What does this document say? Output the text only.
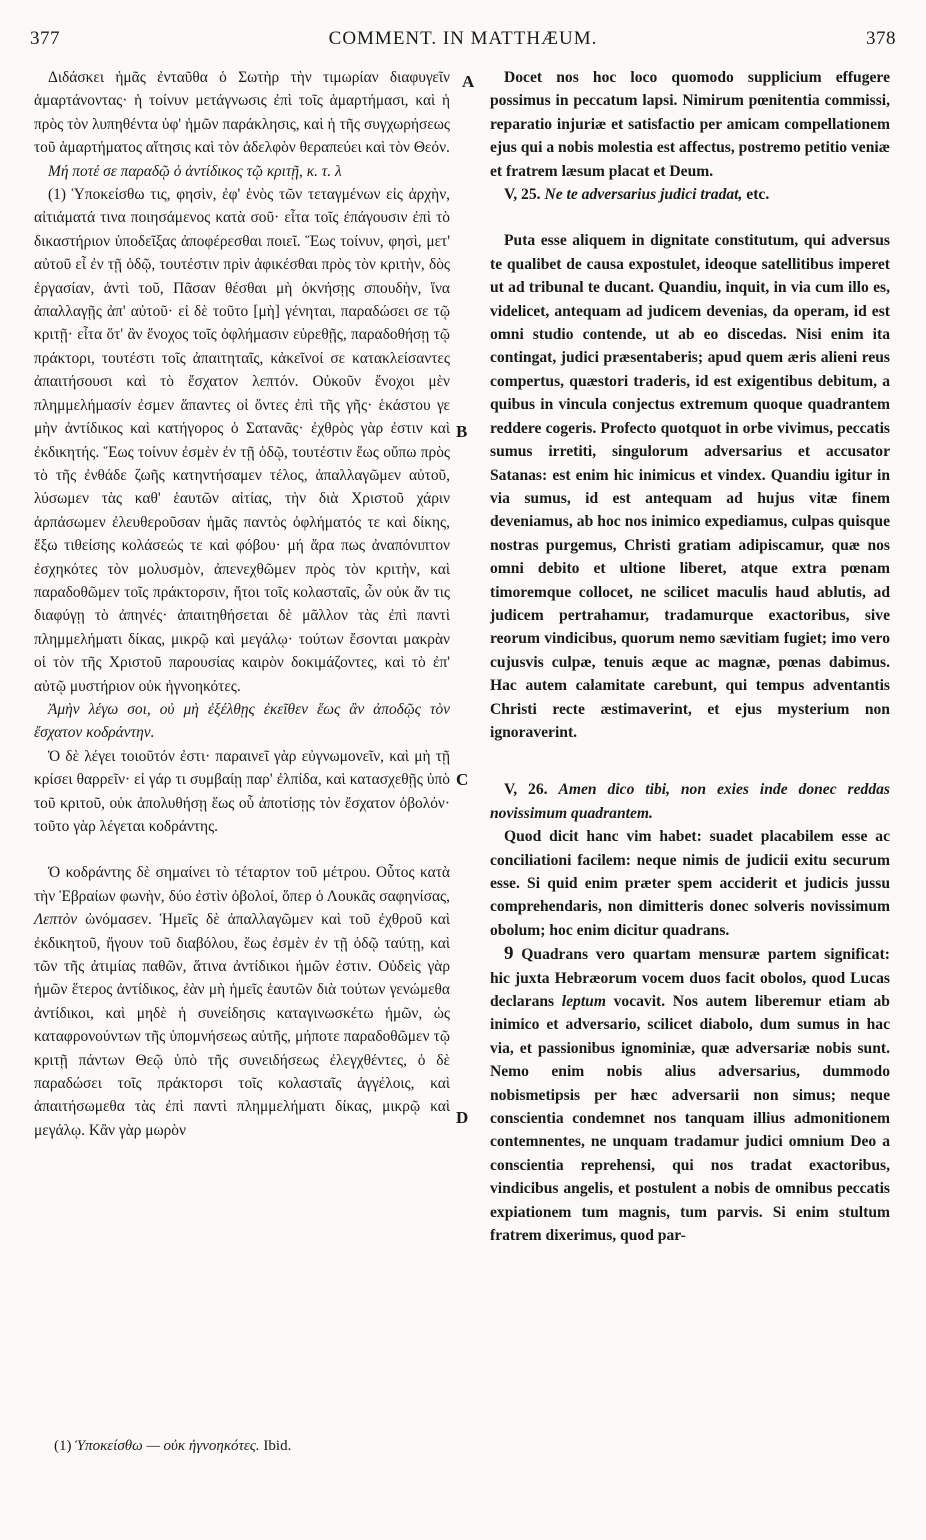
377	COMMENT. IN MATTHÆUM.	378

Διδάσκει ἡμᾶς ἐνταῦθα ὁ Σωτὴρ τὴν τιμωρίαν διαφυγεῖν ἁμαρτάνοντας· ἡ τοίνυν μετάγνωσις ἐπὶ τοῖς ἁμαρτήμασι, καὶ ἡ πρὸς τὸν λυπηθέντα ὑφ' ἡμῶν παράκλησις, καὶ ἡ τῆς συγχωρήσεως τοῦ ἁμαρτήματος αἴτησις καὶ τὸν ἀδελφὸν θεραπεύει καὶ τὸν Θεόν.

Μή ποτέ σε παραδῷ ὁ ἀντίδικος τῷ κριτῇ, κ. τ. λ

(1) Ὑποκείσθω τις, φησὶν, ἐφ' ἑνὸς τῶν τεταγμένων εἰς ἀρχὴν, αἰτιάματά τινα ποιησάμενος κατὰ σοῦ· εἶτα τοῖς ἐπάγουσιν ἐπὶ τὸ δικαστήριον ὑποδεῖξας ἀποφέρεσθαι ποιεῖ. Ἕως τοίνυν, φησὶ, μετ' αὐτοῦ εἶ ἐν τῇ ὁδῷ, τουτέστιν πρὶν ἀφικέσθαι πρὸς τὸν κριτὴν, δὸς ἐργασίαν, ἀντὶ τοῦ, Πᾶσαν θέσθαι μὴ ὀκνήσῃς σπουδὴν, ἵνα ἀπαλλαγῇς ἀπ' αὐτοῦ· εἰ δὲ τοῦτο [μὴ] γένηται, παραδώσει σε τῷ κριτῇ· εἶτα ὅτ' ἂν ἔνοχος τοῖς ὀφλήμασιν εὑρεθῇς, παραδοθήσῃ τῷ πράκτορι, τουτέστι τοῖς ἀπαιτηταῖς, κἀκεῖνοί σε κατακλείσαντες ἀπαιτήσουσι καὶ τὸ ἔσχατον λεπτόν. Οὐκοῦν ἔνοχοι μὲν πλημμελήμασίν ἐσμεν ἅπαντες οἱ ὄντες ἐπὶ τῆς γῆς· ἑκάστου γε μὴν ἀντίδικος καὶ κατήγορος ὁ Σατανᾶς· ἐχθρὸς γὰρ ἐστιν καὶ ἐκδικητής. Ἕως τοίνυν ἐσμὲν ἐν τῇ ὁδῷ, τουτέστιν ἕως οὔπω πρὸς τὸ τῆς ἐνθάδε ζωῆς κατηντήσαμεν τέλος, ἀπαλλαγῶμεν αὐτοῦ, λύσωμεν τὰς καθ' ἑαυτῶν αἰτίας, τὴν διὰ Χριστοῦ χάριν ἁρπάσωμεν ἐλευθεροῦσαν ἡμᾶς παντὸς ὀφλήματός τε καὶ δίκης, ἔξω τιθείσης κολάσεώς τε καὶ φόβου· μή ἄρα πως ἀναπόνιπτον ἐσχηκότες τὸν μολυσμὸν, ἀπενεχθῶμεν πρὸς τὸν κριτὴν, καὶ παραδοθῶμεν τοῖς πράκτορσιν, ἤτοι τοῖς κολασταῖς, ὧν οὐκ ἄν τις διαφύγῃ τὸ ἀπηνές· ἀπαιτηθήσεται δὲ μᾶλλον τὰς ἐπὶ παντὶ πλημμελήματι δίκας, μικρῷ καὶ μεγάλῳ· τούτων ἔσονται μακρὰν οἱ τὸν τῆς Χριστοῦ παρουσίας καιρὸν δοκιμάζοντες, καὶ τὸ ἐπ' αὐτῷ μυστήριον οὐκ ἠγνοηκότες.

Ἀμὴν λέγω σοι, οὐ μὴ ἐξέλθῃς ἐκεῖθεν ἕως ἂν ἀποδῷς τὸν ἔσχατον κοδράντην.

Ὁ δὲ λέγει τοιοῦτόν ἐστι· παραινεῖ γὰρ εὐγνωμονεῖν, καὶ μὴ τῇ κρίσει θαρρεῖν· εἰ γάρ τι συμβαίῃ παρ' ἐλπίδα, καὶ κατασχεθῇς ὑπὸ τοῦ κριτοῦ, οὐκ ἀπολυθήσῃ ἕως οὗ ἀποτίσῃς τὸν ἔσχατον ὀβολόν· τοῦτο γὰρ λέγεται κοδράντης.

Ὁ κοδράντης δὲ σημαίνει τὸ τέταρτον τοῦ μέτρου. Οὗτος κατὰ τὴν Ἑβραίων φωνὴν, δύο ἐστὶν ὀβολοί, ὅπερ ὁ Λουκᾶς σαφηνίσας, Λεπτὸν ὠνόμασεν. Ἡμεῖς δὲ ἀπαλλαγῶμεν καὶ τοῦ ἐχθροῦ καὶ ἐκδικητοῦ, ἤγουν τοῦ διαβόλου, ἕως ἐσμὲν ἐν τῇ ὁδῷ ταύτῃ, καὶ τῶν τῆς ἀτιμίας παθῶν, ἅτινα ἀντίδικοι ἡμῶν ἐστιν. Οὐδεὶς γὰρ ἡμῶν ἕτερος ἀντίδικος, ἐὰν μὴ ἡμεῖς ἑαυτῶν διὰ τούτων γενώμεθα ἀντίδικοι, καὶ μηδὲ ἡ συνείδησις καταγινωσκέτω ἡμῶν, ὡς καταφρονούντων τῆς ὑπομνήσεως αὐτῆς, μήποτε παραδοθῶμεν τῷ κριτῇ πάντων Θεῷ ὑπὸ τῆς συνειδήσεως ἐλεγχθέντες, ὁ δὲ παραδώσει τοῖς πράκτορσι τοῖς κολασταῖς ἀγγέλοις, καὶ ἀπαιτήσωμεθα τὰς ἐπὶ παντὶ πλημμελήματι δίκας, μικρῷ καὶ μεγάλῳ. Κἂν γὰρ μωρὸν

Docet nos hoc loco quomodo supplicium effugere possimus in peccatum lapsi. Nimirum pœnitentia commissi, reparatio injuriæ et satisfactio per amicam compellationem ejus qui a nobis molestia est affectus, postremo petitio veniæ et fratrem læsum placat et Deum.

V, 25. Ne te adversarius judici tradat, etc.

Puta esse aliquem in dignitate constitutum, qui adversus te qualibet de causa expostulet, ideoque satellitibus imperet ut ad tribunal te ducant. Quandiu, inquit, in via cum illo es, videlicet, antequam ad judicem devenias, da operam, id est omni studio contende, ut ab eo discedas. Nisi enim ita contingat, judici præsentaberis; apud quem æris alieni reus compertus, quæstori traderis, id est exigentibus debitum, a quibus in vincula conjectus extremum quoque quadrantem reddere cogeris. Profecto quotquot in orbe vivimus, peccatis sumus irretiti, singulorum adversarius et accusator Satanas: est enim hic inimicus et vindex. Quandiu igitur in via sumus, id est antequam ad hujus vitæ finem deveniamus, ab hoc nos inimico expediamus, culpas quisque nostras purgemus, Christi gratiam adipiscamur, quæ nos omni debito et ultione liberet, atque extra pœnam timoremque collocet, ne scilicet maculis haud ablutis, ad judicem pertrahamur, tradamurque exactoribus, sive reorum vindicibus, quorum nemo sævitiam fugiet; imo vero cujusvis culpæ, tenuis æque ac magnæ, pœnas dabimus. Hac autem calamitate carebunt, qui tempus adventantis Christi recte æstimaverint, et ejus mysterium non ignoraverint.

V, 26. Amen dico tibi, non exies inde donec reddas novissimum quadrantem.

Quod dicit hanc vim habet: suadet placabilem esse ac conciliationi facilem: neque nimis de judicii exitu securum esse. Si quid enim præter spem acciderit et judicis jussu comprehendaris, non dimitteris donec solveris novissimum obolum; hoc enim dicitur quadrans.

9 Quadrans vero quartam mensuræ partem significat: hic juxta Hebræorum vocem duos facit obolos, quod Lucas declarans leptum vocavit. Nos autem liberemur etiam ab inimico et adversario, scilicet diabolo, dum sumus in hac via, et passionibus ignominiæ, quæ adversariæ nobis sunt. Nemo enim nobis alius adversarius, dummodo nobismetipsis per hæc adversarii non simus; neque conscientia condemnet nos tanquam illius admonitionem contemnentes, ne unquam tradamur judici omnium Deo a conscientia reprehensi, qui nos tradat exactoribus, vindicibus angelis, et postulent a nobis de omnibus peccatis expiationem tum magnis, tum parvis. Si enim stultum fratrem dixerimus, quod par-

A
B
C
D
(1) Ὑποκείσθω — οὐκ ἠγνοηκότες. Ibid.
